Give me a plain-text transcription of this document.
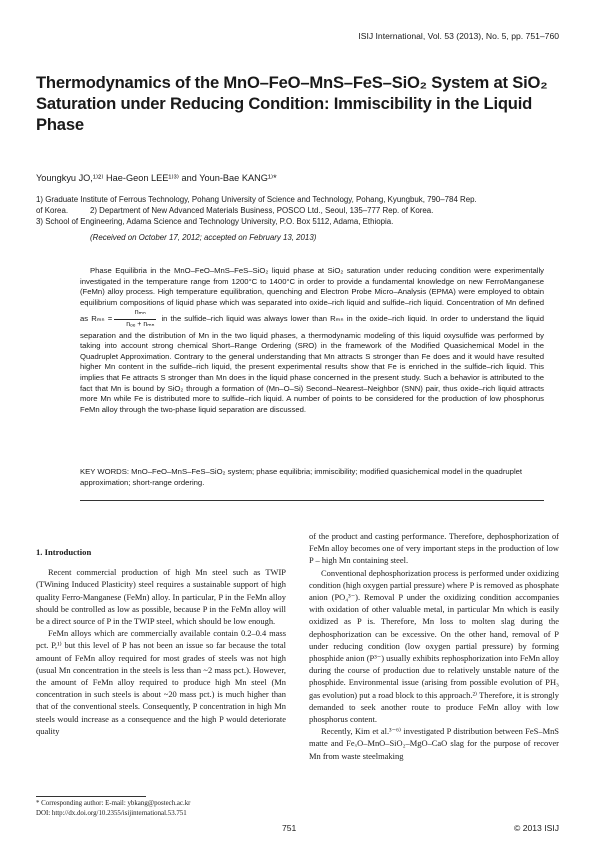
ISIJ International, Vol. 53 (2013), No. 5, pp. 751–760
Thermodynamics of the MnO–FeO–MnS–FeS–SiO₂ System at SiO₂
Saturation under Reducing Condition: Immiscibility in the Liquid
Phase
Youngkyu JO,¹⁾²⁾ Hae-Geon LEE¹⁾³⁾ and Youn-Bae KANG¹⁾*
1) Graduate Institute of Ferrous Technology, Pohang University of Science and Technology, Pohang, Kyungbuk, 790–784 Rep.
of Korea.          2) Department of New Advanced Materials Business, POSCO Ltd., Seoul, 135–777 Rep. of Korea.
3) School of Engineering, Adama Science and Technology University, P.O. Box 5112, Adama, Ethiopia.
(Received on October 17, 2012; accepted on February 13, 2013)

Phase Equilibria in the MnO–FeO–MnS–FeS–SiO₂ liquid phase at SiO₂ saturation under reducing condition were experimentally investigated in the temperature range from 1200°C to 1400°C in order to provide a fundamental knowledge on new FerroManganese (FeMn) alloy process. High temperature equilibration, quenching and Electron Probe Micro–Analysis (EPMA) were employed to obtain equilibrium compositions of liquid phase which was separated into oxide–rich liquid and sulfide–rich liquid. Concentration of Mn defined as $R_{mn} = \frac{\text{nₘₙ}}{\text{nₒₑ + nₘₙ}}$ in the sulfide–rich liquid was always lower than Rₘₙ in the oxide–rich liquid. In order to understand the liquid separation and the distribution of Mn in the two liquid phases, a thermodynamic modeling of this liquid oxysulfide was performed by taking into account strong chemical Short–Range Ordering (SRO) in the framework of the Modified Quasichemical Model in the Quadruplet Approximation. Contrary to the general understanding that Mn attracts S stronger than Fe does and it would have resulted higher Mn content in the sulfide–rich liquid, the present experimental results show that Fe is enriched in the sulfide–rich liquid. This implies that Fe attracts S stronger than Mn does in the liquid phase concerned in the present study. Such a behavior is attributed to the fact that Mn is bound by SiO₂ through a formation of (Mn–O–Si) Second–Nearest–Neighbor (SNN) pair, thus oxide–rich liquid attracts more Mn while Fe is distributed more to sulfide–rich liquid. A number of points to be considered for the production of low phosphorus FeMn alloy through the two-phase liquid separation are discussed.

KEY WORDS: MnO–FeO–MnS–FeS–SiO₂ system; phase equilibria; immiscibility; modified quasichemical model in the quadruplet approximation; short-range ordering.

1. Introduction

Recent commercial production of high Mn steel such as TWIP (TWining Induced Plasticity) steel requires a sustainable support of high quality Ferro-Manganese (FeMn) alloy. In particular, P in the FeMn alloy should be controlled as low as possible, because P in the FeMn alloy will be a direct source of P in the TWIP steel, which should be low enough.

FeMn alloys which are commercially available contain 0.2–0.4 mass pct. P,¹⁾ but this level of P has not been an issue so far because the total amount of FeMn alloy required for most grades of steels was not high (usual Mn concentration in the steels is less than ~2 mass pct.). However, the amount of FeMn alloy required to produce high Mn steel (Mn concentration in such steels is about ~20 mass pct.) is much higher than that of the conventional steels. Consequently, P concentration in high Mn steels would increase as a consequence and the high P would deteriorate quality

of the product and casting performance. Therefore, dephosphorization of FeMn alloy becomes one of very important steps in the production of low P – high Mn containing steel.

Conventional dephosphorization process is performed under oxidizing condition (high oxygen partial pressure) where P is removed as phosphate anion (PO₄³⁻). Removal P under the oxidizing condition accompanies with oxidation of other valuable metal, in particular Mn which is easily oxidized as P is. Therefore, Mn loss to molten slag during the dephosphorization can be excessive. On the other hand, removal of P under reducing condition (low oxygen partial pressure) by forming phosphide anion (P³⁻) usually exhibits rephosphorization into FeMn alloy during the course of production due to relatively unstable nature of the phosphide. Environmental issue (arising from possible evolution of PH₃ gas evolution) put a road block to this approach.²⁾ Therefore, it is strongly demanded to seek another route to produce FeMn alloy with low phosphorus content.

Recently, Kim et al.³⁻⁶⁾ investigated P distribution between FeS–MnS matte and FeₓO–MnO–SiO₂–MgO–CaO slag for the purpose of recover Mn from waste steelmaking

* Corresponding author: E-mail: ybkang@postech.ac.kr
DOI: http://dx.doi.org/10.2355/isijinternational.53.751
751	© 2013 ISIJ
